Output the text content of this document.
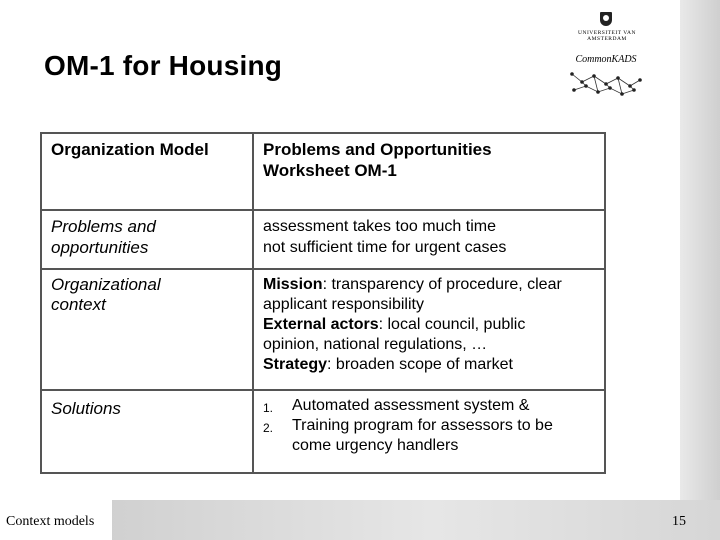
Context models	15
OM-1 for Housing
UNIVERSITEIT VAN AMSTERDAM
CommonKADS
Organization Model	Problems and Opportunities
Worksheet OM-1

Problems and
opportunities	assessment takes too much time
not sufficient time for urgent cases

Organizational
context	Mission: transparency of procedure, clear
applicant responsibility
External actors: local council, public
opinion, national regulations, …
Strategy: broaden scope of market

Solutions	1. Automated assessment system &
2. Training program for assessors to be
come urgency handlers
